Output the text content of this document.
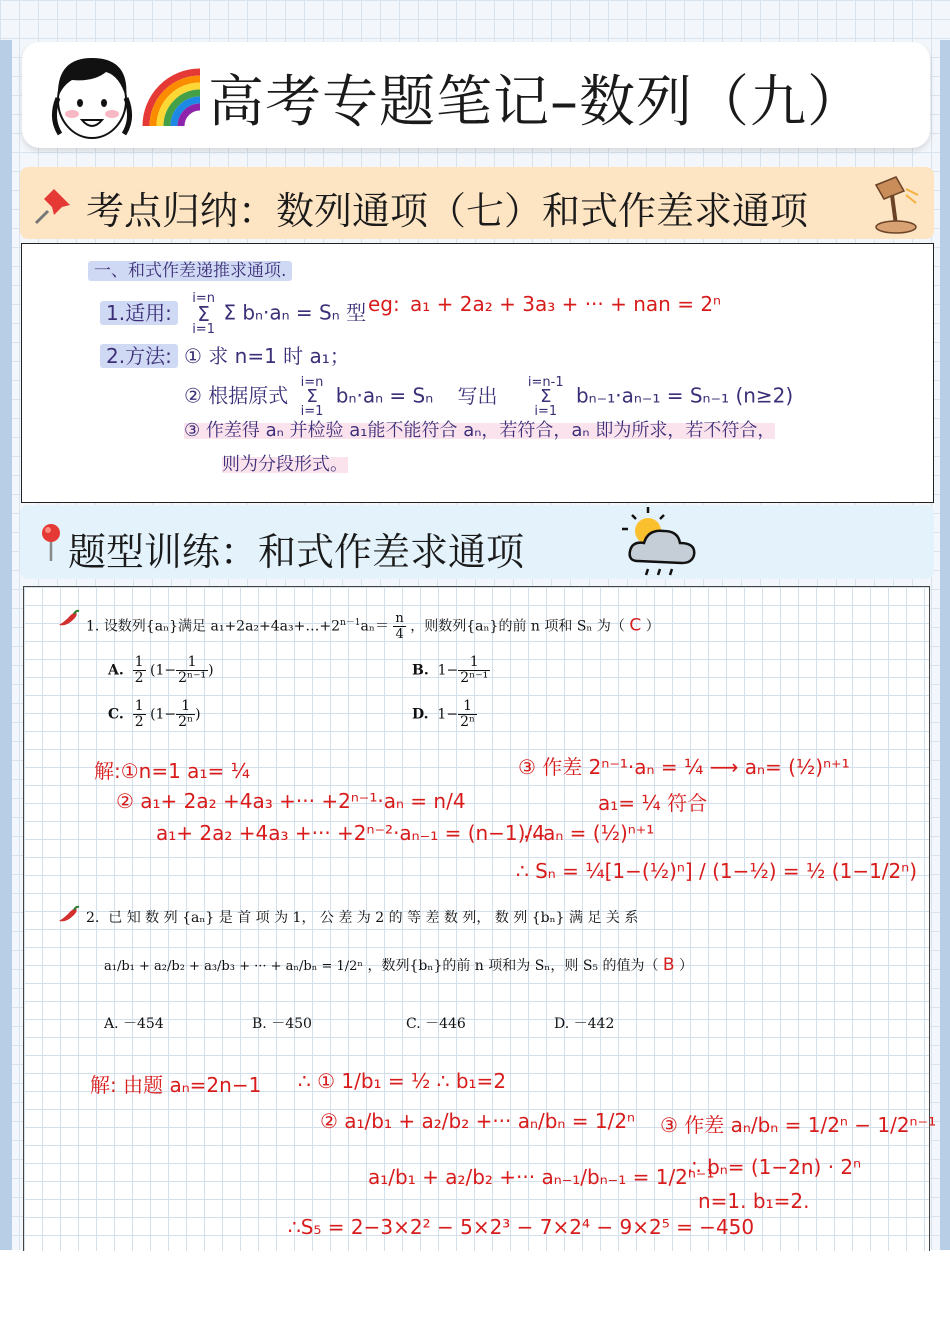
高考专题笔记–数列（九）
考点归纳：数列通项（七）和式作差求通项
一、和式作差递推求通项.
1.适用:
i=n
Σ
i=1
Σ bₙ·aₙ = Sₙ 型 eg: a₁ + 2a₂ + 3a₃ + ··· + nan = 2ⁿ
2.方法: ① 求 n=1 时 a₁；
② 根据原式
i=n
Σ
i=1
bₙ·aₙ = Sₙ 写出
i=n-1
Σ
i=1
bₙ₋₁·aₙ₋₁ = Sₙ₋₁ (n≥2)
③ 作差得 aₙ 并检验 a₁能不能符合 aₙ，若符合，aₙ 即为所求，若不符合，
则为分段形式。
题型训练：和式作差求通项
1. 设数列{aₙ}满足 $a_1+2a_2+4a_3+\dots+2^{n-1}a_n= \frac{n}{4}$ ，则数列{aₙ}的前 n 项和 Sₙ 为（ C ）
A. $\frac{1}{2} (1- \frac{1}{\text{2ⁿ⁻¹}}$ )	B. $1- \frac{1}{\text{2ⁿ⁻¹}}$
C. $\frac{1}{2} (1- \frac{1}{\text{2ⁿ}}$ )	D. $1- \frac{1}{\text{2ⁿ}}$
解:①n=1 a₁= ¼
② a₁+ 2a₂ +4a₃ +··· +2ⁿ⁻¹·aₙ = n/4
a₁+ 2a₂ +4a₃ +··· +2ⁿ⁻²·aₙ₋₁ = (n−1)/4
③ 作差 2ⁿ⁻¹·aₙ = ¼ ⟶ aₙ= (½)ⁿ⁺¹
a₁= ¼ 符合
∴ aₙ = (½)ⁿ⁺¹
∴ Sₙ = ¼[1−(½)ⁿ] / (1−½) = ½ (1−1/2ⁿ)
2. 已 知 数 列 {aₙ} 是 首 项 为 1， 公 差 为 2 的 等 差 数 列， 数 列 {bₙ} 满 足 关 系
a₁/b₁ + a₂/b₂ + a₃/b₃ + ··· + aₙ/bₙ = 1/2ⁿ ，数列{bₙ}的前 n 项和为 Sₙ，则 S₅ 的值为（ B ）
A. －454	B. －450	C. －446	D. －442
解: 由题 aₙ=2n−1 ∴ ① 1/b₁ = ½ ∴ b₁=2
② a₁/b₁ + a₂/b₂ +··· aₙ/bₙ = 1/2ⁿ
a₁/b₁ + a₂/b₂ +··· aₙ₋₁/bₙ₋₁ = 1/2ⁿ⁻¹
③ 作差 aₙ/bₙ = 1/2ⁿ − 1/2ⁿ⁻¹
∴ bₙ= (1−2n) · 2ⁿ
n=1. b₁=2.
∴S₅ = 2−3×2² − 5×2³ − 7×2⁴ − 9×2⁵ = −450
